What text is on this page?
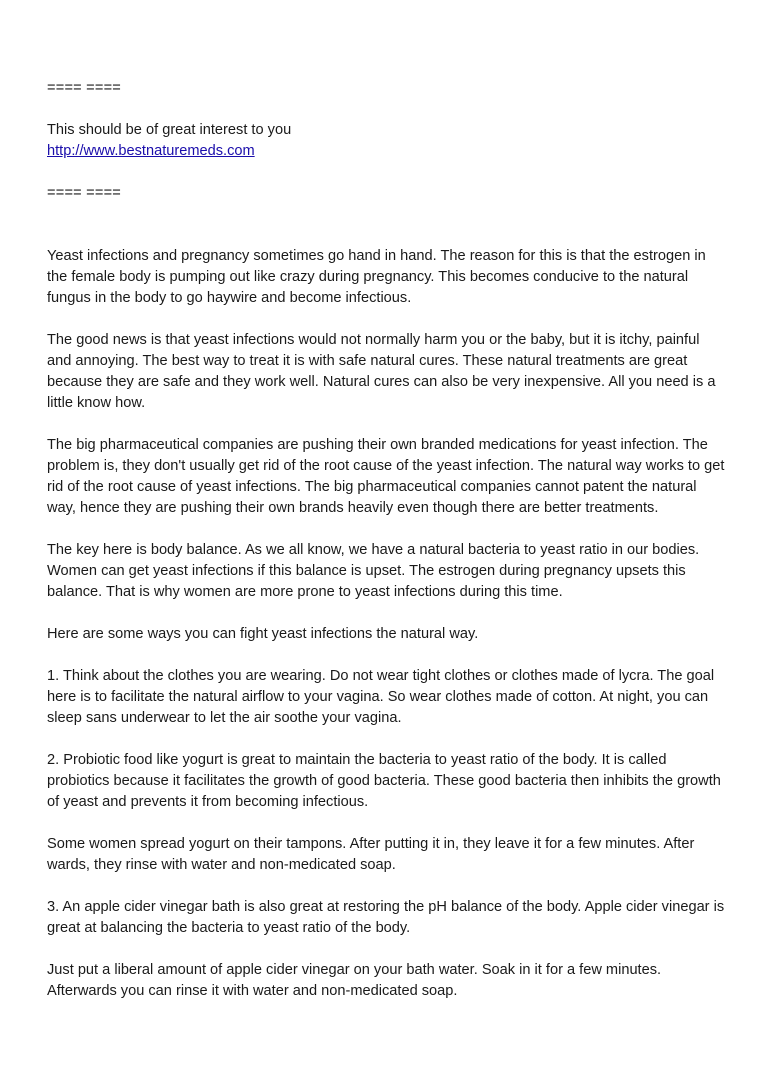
==== ====

This should be of great interest to you
http://www.bestnaturemeds.com

==== ====

Yeast infections and pregnancy sometimes go hand in hand. The reason for this is that the estrogen in the female body is pumping out like crazy during pregnancy. This becomes conducive to the natural fungus in the body to go haywire and become infectious.

The good news is that yeast infections would not normally harm you or the baby, but it is itchy, painful and annoying. The best way to treat it is with safe natural cures. These natural treatments are great because they are safe and they work well. Natural cures can also be very inexpensive. All you need is a little know how.

The big pharmaceutical companies are pushing their own branded medications for yeast infection. The problem is, they don't usually get rid of the root cause of the yeast infection. The natural way works to get rid of the root cause of yeast infections. The big pharmaceutical companies cannot patent the natural way, hence they are pushing their own brands heavily even though there are better treatments.

The key here is body balance. As we all know, we have a natural bacteria to yeast ratio in our bodies. Women can get yeast infections if this balance is upset. The estrogen during pregnancy upsets this balance. That is why women are more prone to yeast infections during this time.

Here are some ways you can fight yeast infections the natural way.

1. Think about the clothes you are wearing. Do not wear tight clothes or clothes made of lycra. The goal here is to facilitate the natural airflow to your vagina. So wear clothes made of cotton. At night, you can sleep sans underwear to let the air soothe your vagina.

2. Probiotic food like yogurt is great to maintain the bacteria to yeast ratio of the body. It is called probiotics because it facilitates the growth of good bacteria. These good bacteria then inhibits the growth of yeast and prevents it from becoming infectious.

Some women spread yogurt on their tampons. After putting it in, they leave it for a few minutes. After wards, they rinse with water and non-medicated soap.

3. An apple cider vinegar bath is also great at restoring the pH balance of the body. Apple cider vinegar is great at balancing the bacteria to yeast ratio of the body.

Just put a liberal amount of apple cider vinegar on your bath water. Soak in it for a few minutes. Afterwards you can rinse it with water and non-medicated soap.
